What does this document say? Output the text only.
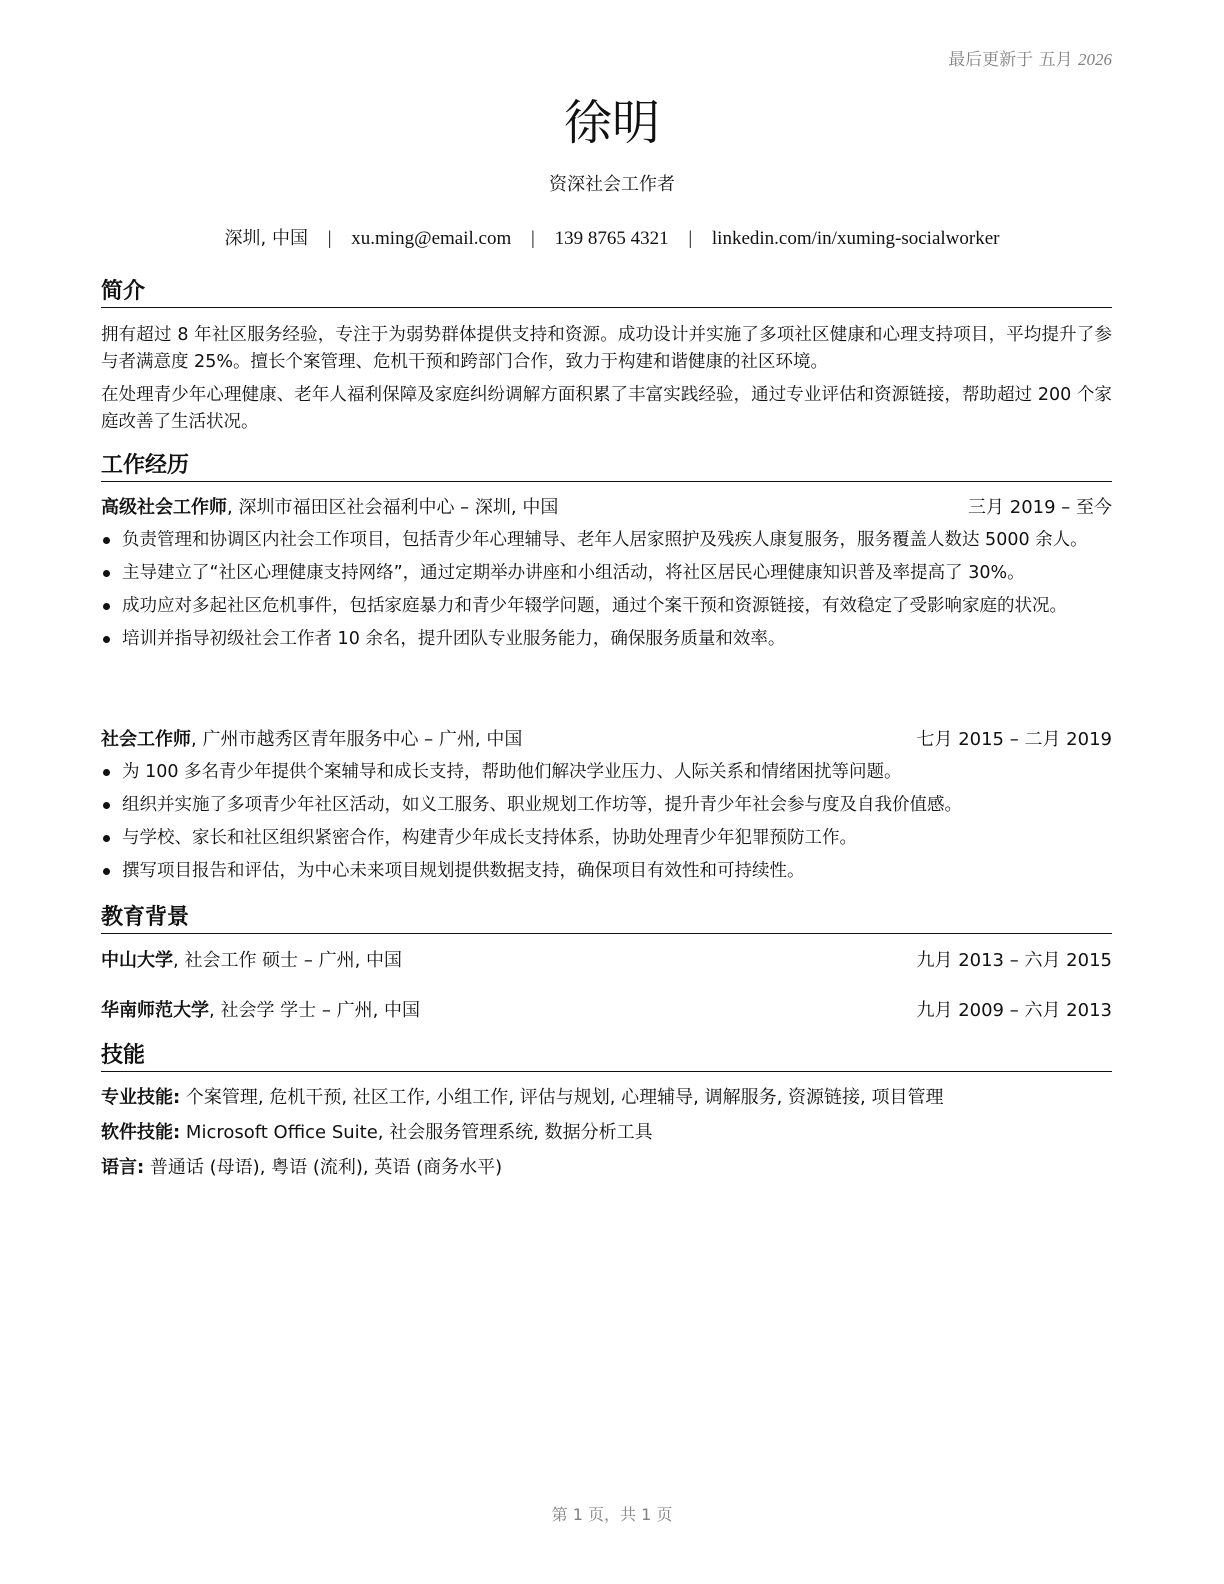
最后更新于 五月 2026
徐明
资深社会工作者
深圳, 中国 | xu.ming@email.com | 139 8765 4321 | linkedin.com/in/xuming-socialworker
简介
拥有超过 8 年社区服务经验，专注于为弱势群体提供支持和资源。成功设计并实施了多项社区健康和心理支持项目，平均提升了参与者满意度 25%。擅长个案管理、危机干预和跨部门合作，致力于构建和谐健康的社区环境。
在处理青少年心理健康、老年人福利保障及家庭纠纷调解方面积累了丰富实践经验，通过专业评估和资源链接，帮助超过 200 个家庭改善了生活状况。
工作经历
高级社会工作师, 深圳市福田区社会福利中心 – 深圳, 中国	三月 2019 – 至今
负责管理和协调区内社会工作项目，包括青少年心理辅导、老年人居家照护及残疾人康复服务，服务覆盖人数达 5000 余人。
主导建立了“社区心理健康支持网络”，通过定期举办讲座和小组活动，将社区居民心理健康知识普及率提高了 30%。
成功应对多起社区危机事件，包括家庭暴力和青少年辍学问题，通过个案干预和资源链接，有效稳定了受影响家庭的状况。
培训并指导初级社会工作者 10 余名，提升团队专业服务能力，确保服务质量和效率。
社会工作师, 广州市越秀区青年服务中心 – 广州, 中国	七月 2015 – 二月 2019
为 100 多名青少年提供个案辅导和成长支持，帮助他们解决学业压力、人际关系和情绪困扰等问题。
组织并实施了多项青少年社区活动，如义工服务、职业规划工作坊等，提升青少年社会参与度及自我价值感。
与学校、家长和社区组织紧密合作，构建青少年成长支持体系，协助处理青少年犯罪预防工作。
撰写项目报告和评估，为中心未来项目规划提供数据支持，确保项目有效性和可持续性。
教育背景
中山大学, 社会工作 硕士 – 广州, 中国	九月 2013 – 六月 2015
华南师范大学, 社会学 学士 – 广州, 中国	九月 2009 – 六月 2013
技能
专业技能: 个案管理, 危机干预, 社区工作, 小组工作, 评估与规划, 心理辅导, 调解服务, 资源链接, 项目管理
软件技能: Microsoft Office Suite, 社会服务管理系统, 数据分析工具
语言: 普通话 (母语), 粤语 (流利), 英语 (商务水平)
第 1 页，共 1 页
